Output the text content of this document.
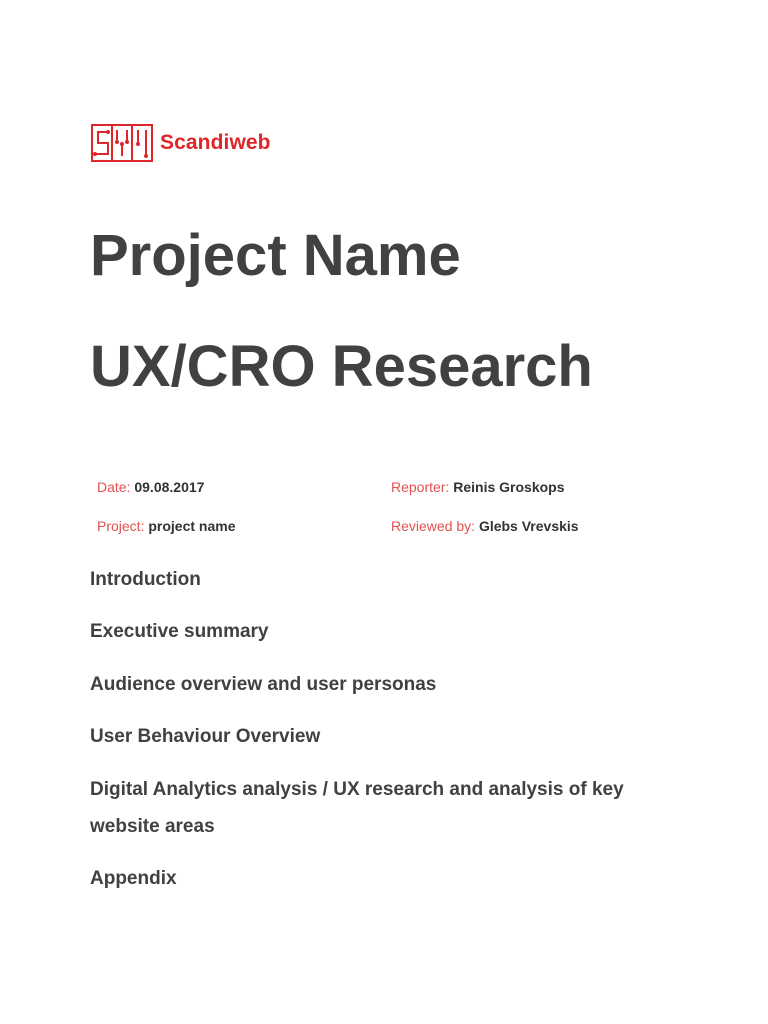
Scandiweb
Project Name
UX/CRO Research
Date: 09.08.2017
Project: project name
Reporter: Reinis Groskops
Reviewed by: Glebs Vrevskis

Introduction

Executive summary

Audience overview and user personas

User Behaviour Overview

Digital Analytics analysis / UX research and analysis of key website areas

Appendix
